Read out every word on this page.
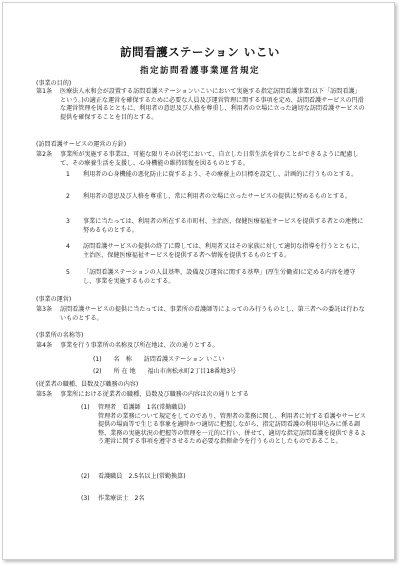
訪問看護ステーション いこい
指定訪問看護事業運営規定
(事業の目的)
第1条	医療法人永和会が設置する訪問看護ステーションいこいにおいて実施する指定訪問看護事業(以下「訪問看護」という。)の適正な運営を確保するために必要な人員及び運営管理に関する事項を定め、訪問看護サービスの円滑な運営管理を図るとともに、利用者の意思及び人格を尊重し、利用者の立場に立った適切な訪問看護サービスの提供を確保することを目的とする。
(訪問看護サービスの運営の方針)
第2条	事業所が実施する事業は、可能な限りその居宅において、自立した日常生活を営むことができるように配慮して、その療養生活を支援し、心身機能の維持回復を図るものとする。
1	利用者の心身機能の悪化防止に資するよう、その療養上の目標を設定し、計画的に行うものとする。
2	利用者の意思及び人格を尊重し、常に利用者の立場に立ったサービスの提供に努めるものとする。
3	事業に当たっては、利用者の所在する市町村、主治医、保健医療福祉サービスを提供する者との連携に努めるものとする。
4	訪問看護サービスの提供の終了に際しては、利用者又はその家族に対して適切な指導を行うとともに、主治医、保健医療福祉サービスを提供する者へ情報を提供するものとする。
5	「訪問看護ステーションの人員基準、設備及び運営に関する基準」(厚生労働省)に定める内容を遵守し、事業を実施するものとする。
(事業の運営)
第3条	訪問看護サービスの提供に当たっては、事業所の看護師等によってのみ行うものとし、第三者への委託は行わないものとする。
(事業所の名称等)
第4条	事業を行う事業所の名称及び所在地は、次の通りとする。
(1) 名　称 訪問看護ステーション いこい
(2) 所 在 地 福山市南松永町2丁目18番地3号
(従業者の職種、員数及び職務の内容)
第5条	事業所における従業者の職種、員数及び職務の内容は次の通りとする
(1)	管理者　看護師　1名(常勤職員)
管理者の業務について規定をしてのであり、管理者の業務に関し、利用者に対する看護やサービス提供の場面等で生じる事象を適時かつ適切に把握しながら、指定訪問看護の利用申込みに係る調整、業務の実施状況の把握等の管理を一元的に行い、併せて、適切な指定訪問看護を提供できるよう運営に関する事項を遵守させるため必要な指揮命令を行うものとしたものであること。
(2)	看護職員　2.5名以上(常勤換算)
(3)	作業療法士　2名
